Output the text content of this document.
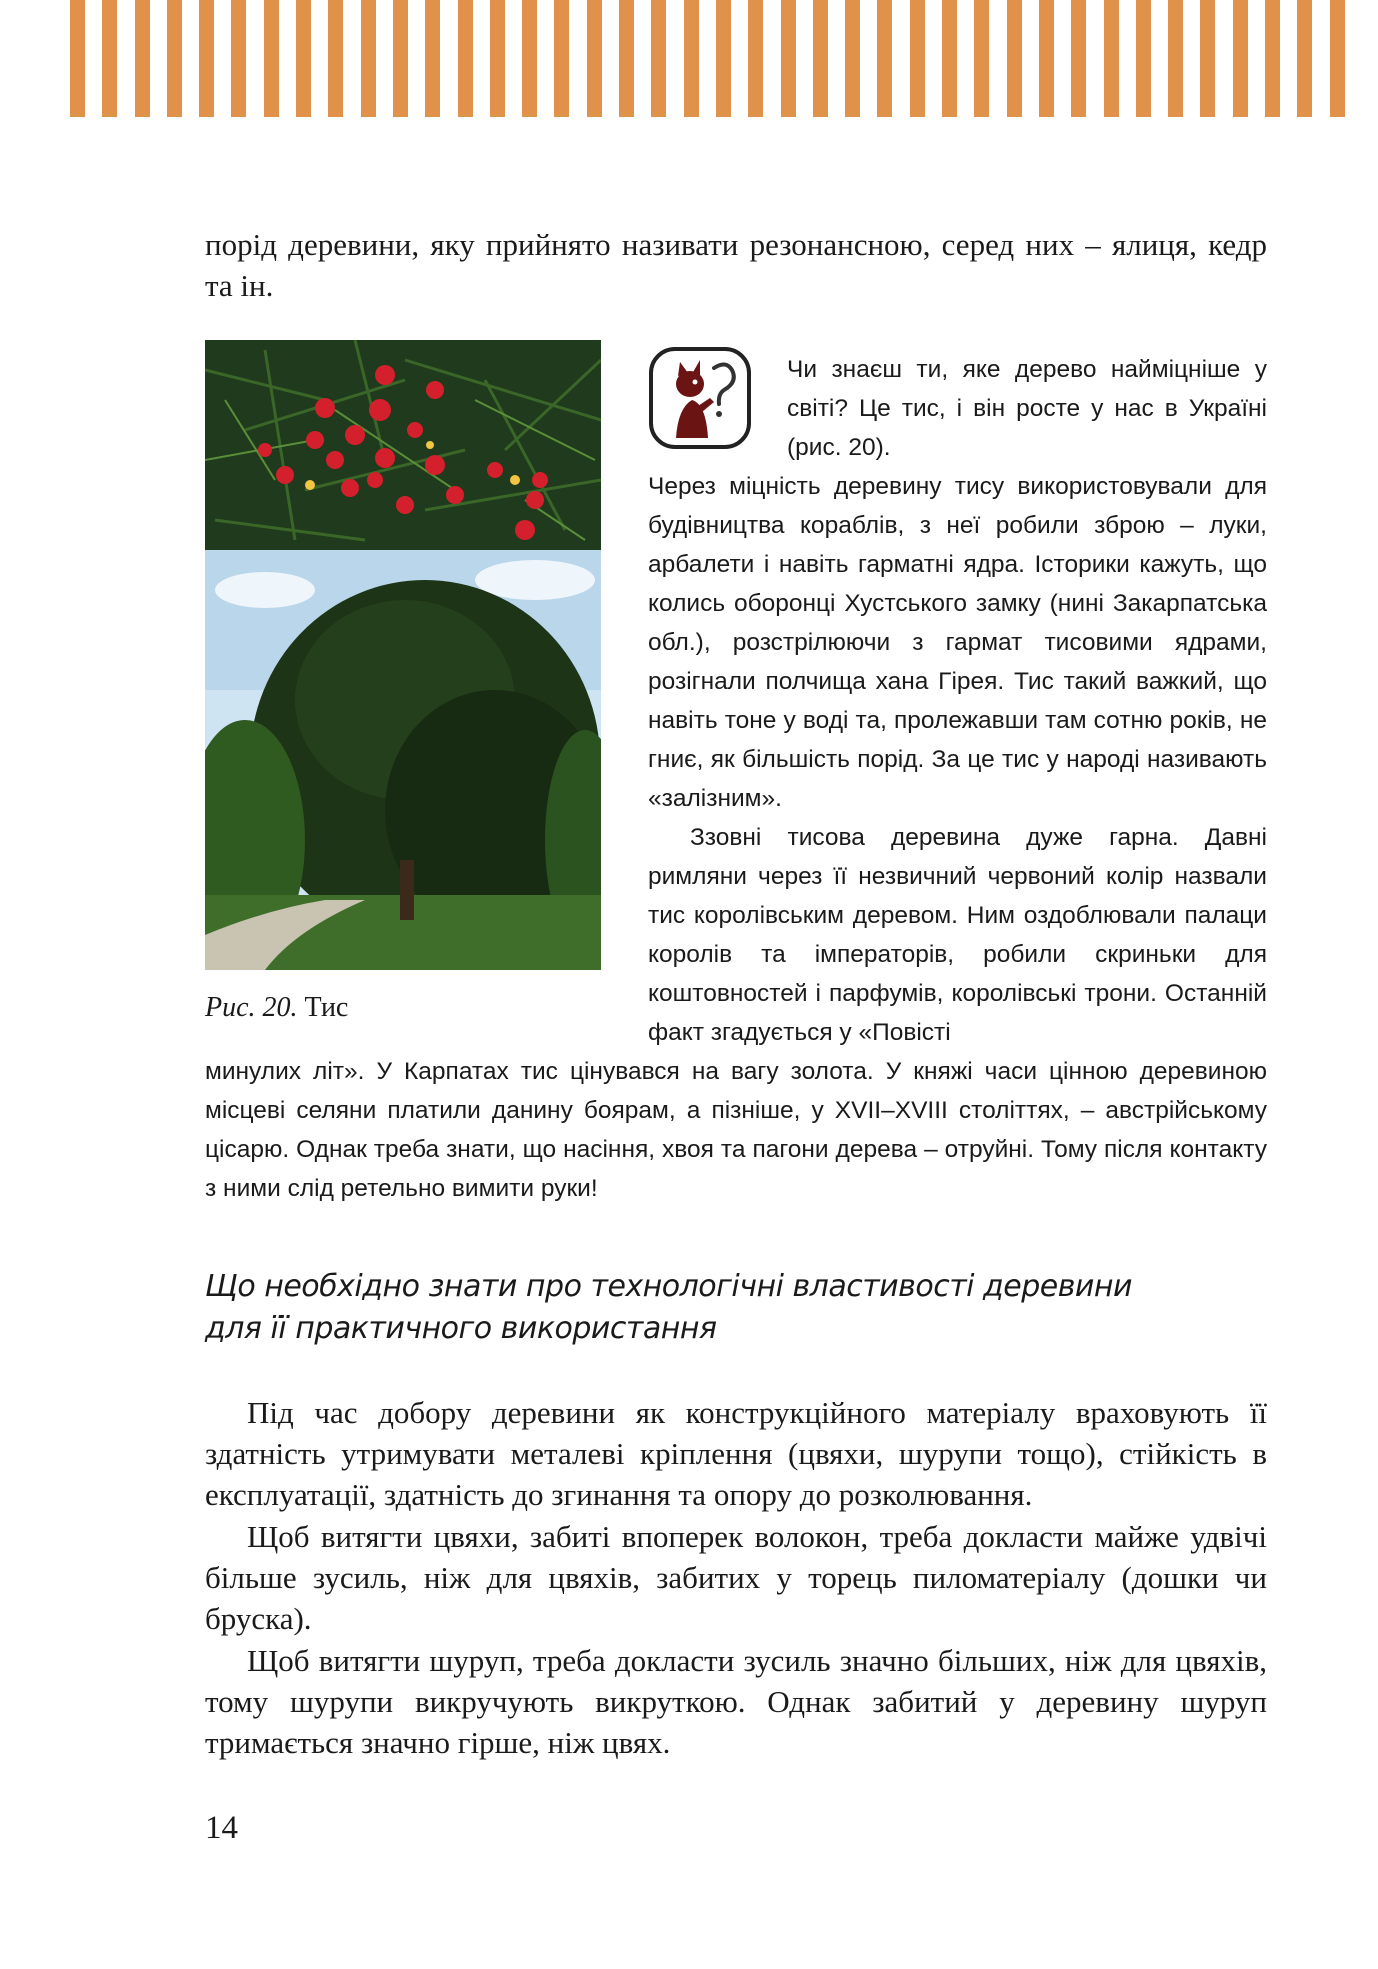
порід деревини, яку прийнято називати резонансною, серед них – ялиця, кедр та ін.

Рис. 20. Тис

Чи знаєш ти, яке дерево найміцніше у світі? Це тис, і він росте у нас в Україні (рис. 20).

Через міцність деревину тису використовували для будівництва кораблів, з неї робили зброю – луки, арбалети і навіть гарматні ядра. Історики кажуть, що колись оборонці Хустського замку (нині Закарпатська обл.), розстрілюючи з гармат тисовими ядрами, розігнали полчища хана Гірея. Тис такий важкий, що навіть тоне у воді та, пролежавши там сотню років, не гниє, як більшість порід. За це тис у народі називають «залізним».

Ззовні тисова деревина дуже гарна. Давні римляни через її незвичний червоний колір назвали тис королівським деревом. Ним оздоблювали палаци королів та імператорів, робили скриньки для коштовностей і парфумів, королівські трони. Останній факт згадується у «Повісті

минулих літ». У Карпатах тис цінувався на вагу золота. У княжі часи цінною деревиною місцеві селяни платили данину боярам, а пізніше, у XVII–XVIII століттях, – австрійському цісарю. Однак треба знати, що насіння, хвоя та пагони дерева – отруйні. Тому після контакту з ними слід ретельно вимити руки!

Що необхідно знати про технологічні властивості деревини
для її практичного використання

Під час добору деревини як конструкційного матеріалу враховують її здатність утримувати металеві кріплення (цвяхи, шурупи тощо), стійкість в експлуатації, здатність до згинання та опору до розколювання.

Щоб витягти цвяхи, забиті впоперек волокон, треба докласти майже удвічі більше зусиль, ніж для цвяхів, забитих у торець пиломатеріалу (дошки чи бруска).

Щоб витягти шуруп, треба докласти зусиль значно більших, ніж для цвяхів, тому шурупи викручують викруткою. Однак забитий у деревину шуруп тримається значно гірше, ніж цвях.

14
